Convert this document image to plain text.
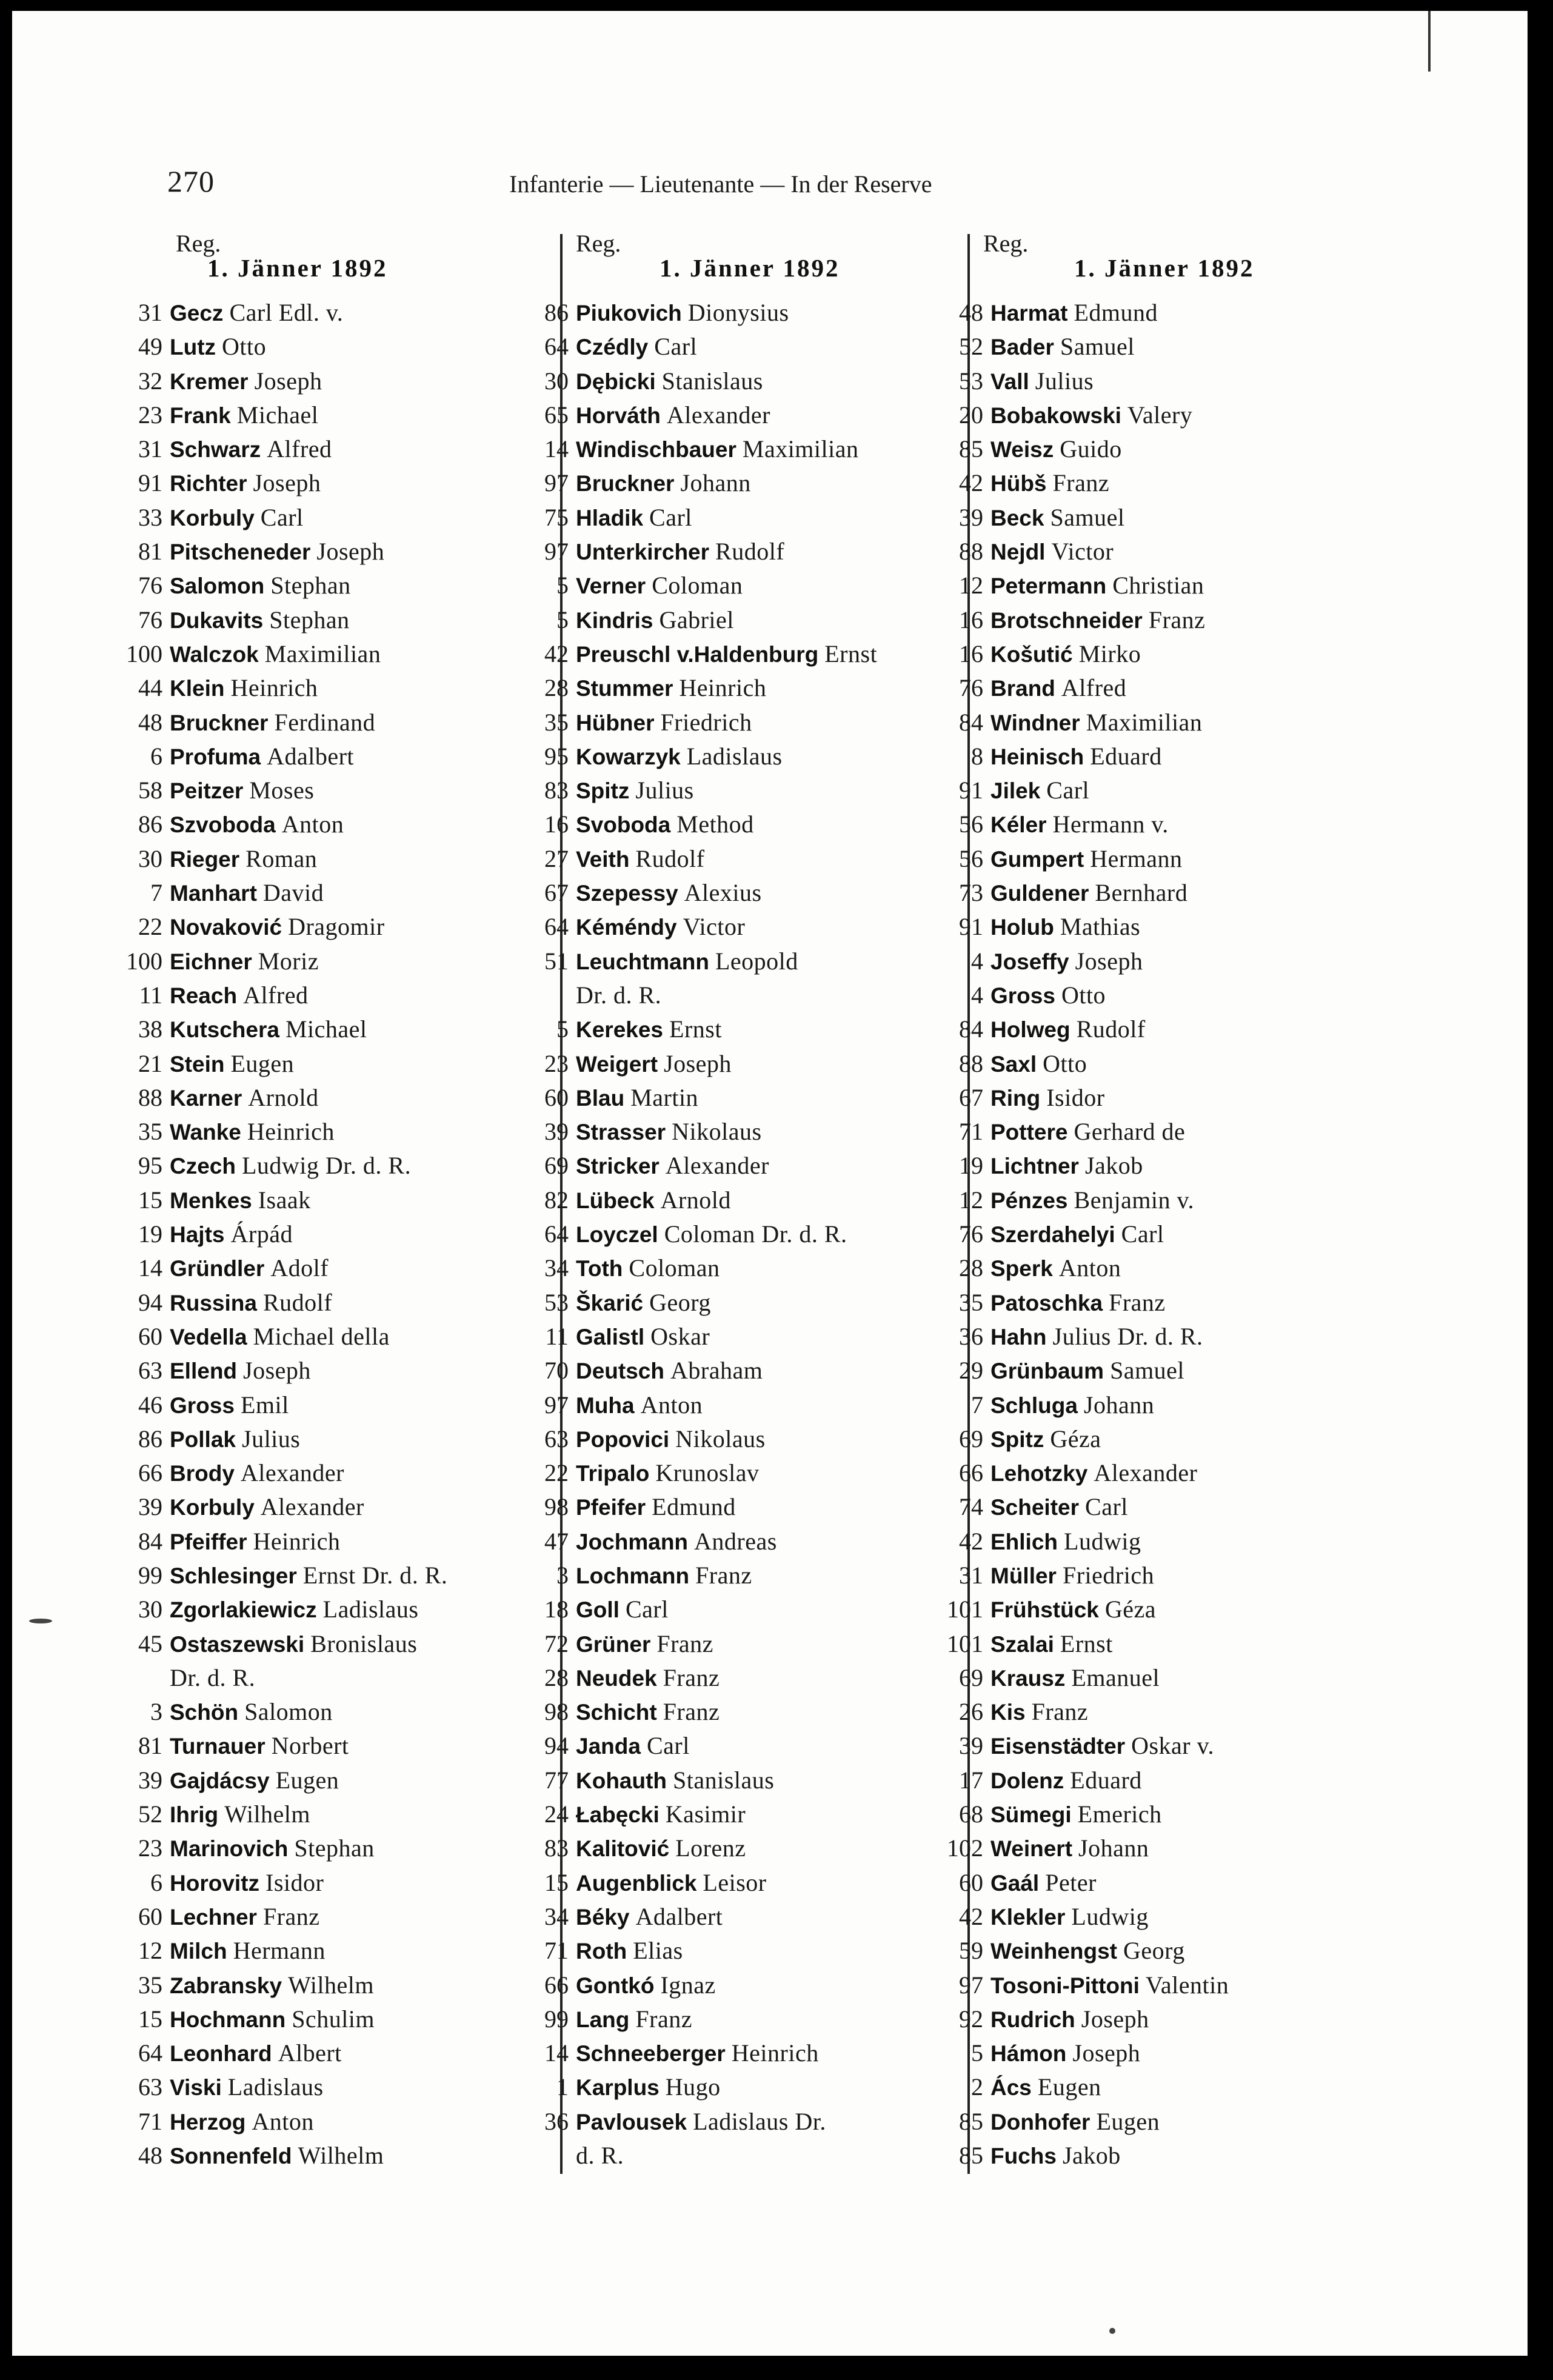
270	Infanterie — Lieutenante — In der Reserve
Reg.
1. Jänner 1892
31 Gecz Carl Edl. v.
49 Lutz Otto
32 Kremer Joseph
23 Frank Michael
31 Schwarz Alfred
91 Richter Joseph
33 Korbuly Carl
81 Pitscheneder Joseph
76 Salomon Stephan
76 Dukavits Stephan
100 Walczok Maximilian
44 Klein Heinrich
48 Bruckner Ferdinand
6 Profuma Adalbert
58 Peitzer Moses
86 Szvoboda Anton
30 Rieger Roman
7 Manhart David
22 Novaković Dragomir
100 Eichner Moriz
11 Reach Alfred
38 Kutschera Michael
21 Stein Eugen
88 Karner Arnold
35 Wanke Heinrich
95 Czech Ludwig Dr. d. R.
15 Menkes Isaak
19 Hajts Árpád
14 Gründler Adolf
94 Russina Rudolf
60 Vedella Michael della
63 Ellend Joseph
46 Gross Emil
86 Pollak Julius
66 Brody Alexander
39 Korbuly Alexander
84 Pfeiffer Heinrich
99 Schlesinger Ernst Dr. d. R.
30 Zgorlakiewicz Ladislaus
45 Ostaszewski Bronislaus
Dr. d. R.
3 Schön Salomon
81 Turnauer Norbert
39 Gajdácsy Eugen
52 Ihrig Wilhelm
23 Marinovich Stephan
6 Horovitz Isidor
60 Lechner Franz
12 Milch Hermann
35 Zabransky Wilhelm
15 Hochmann Schulim
64 Leonhard Albert
63 Viski Ladislaus
71 Herzog Anton
48 Sonnenfeld Wilhelm
Reg.
1. Jänner 1892
86 Piukovich Dionysius
64 Czédly Carl
30 Dębicki Stanislaus
65 Horváth Alexander
14 Windischbauer Maximilian
97 Bruckner Johann
75 Hladik Carl
97 Unterkircher Rudolf
5 Verner Coloman
5 Kindris Gabriel
42 Preuschl v.Haldenburg Ernst
28 Stummer Heinrich
35 Hübner Friedrich
95 Kowarzyk Ladislaus
83 Spitz Julius
16 Svoboda Method
27 Veith Rudolf
67 Szepessy Alexius
64 Kéméndy Victor
51 Leuchtmann Leopold
Dr. d. R.
5 Kerekes Ernst
23 Weigert Joseph
60 Blau Martin
39 Strasser Nikolaus
69 Stricker Alexander
82 Lübeck Arnold
64 Loyczel Coloman Dr. d. R.
34 Toth Coloman
53 Škarić Georg
11 Galistl Oskar
70 Deutsch Abraham
97 Muha Anton
63 Popovici Nikolaus
22 Tripalo Krunoslav
98 Pfeifer Edmund
47 Jochmann Andreas
3 Lochmann Franz
18 Goll Carl
72 Grüner Franz
28 Neudek Franz
98 Schicht Franz
94 Janda Carl
77 Kohauth Stanislaus
24 Łabęcki Kasimir
83 Kalitović Lorenz
15 Augenblick Leisor
34 Béky Adalbert
71 Roth Elias
66 Gontkó Ignaz
99 Lang Franz
14 Schneeberger Heinrich
1 Karplus Hugo
36 Pavlousek Ladislaus Dr.
d. R.
Reg.
1. Jänner 1892
48 Harmat Edmund
52 Bader Samuel
53 Vall Julius
20 Bobakowski Valery
85 Weisz Guido
42 Hübš Franz
39 Beck Samuel
88 Nejdl Victor
12 Petermann Christian
16 Brotschneider Franz
16 Košutić Mirko
76 Brand Alfred
84 Windner Maximilian
8 Heinisch Eduard
91 Jilek Carl
56 Kéler Hermann v.
56 Gumpert Hermann
73 Guldener Bernhard
91 Holub Mathias
4 Joseffy Joseph
4 Gross Otto
84 Holweg Rudolf
88 Saxl Otto
67 Ring Isidor
71 Pottere Gerhard de
19 Lichtner Jakob
12 Pénzes Benjamin v.
76 Szerdahelyi Carl
28 Sperk Anton
35 Patoschka Franz
36 Hahn Julius Dr. d. R.
29 Grünbaum Samuel
7 Schluga Johann
69 Spitz Géza
66 Lehotzky Alexander
74 Scheiter Carl
42 Ehlich Ludwig
31 Müller Friedrich
101 Frühstück Géza
101 Szalai Ernst
69 Krausz Emanuel
26 Kis Franz
39 Eisenstädter Oskar v.
17 Dolenz Eduard
68 Sümegi Emerich
102 Weinert Johann
60 Gaál Peter
42 Klekler Ludwig
59 Weinhengst Georg
97 Tosoni-Pittoni Valentin
92 Rudrich Joseph
5 Hámon Joseph
2 Ács Eugen
85 Donhofer Eugen
85 Fuchs Jakob
